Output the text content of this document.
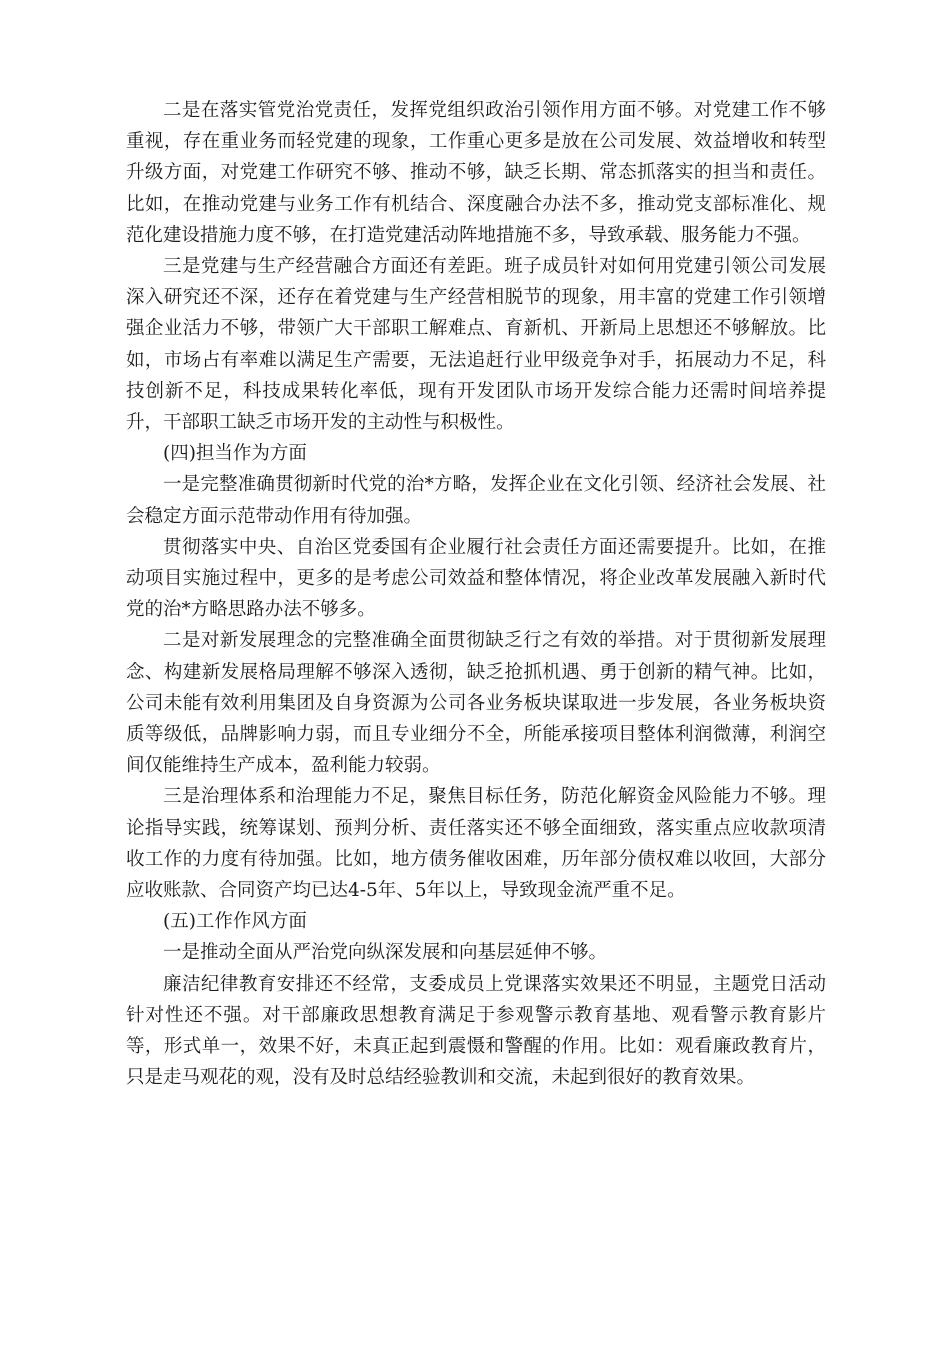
二是在落实管党治党责任，发挥党组织政治引领作用方面不够。对党建工作不够重视，存在重业务而轻党建的现象，工作重心更多是放在公司发展、效益增收和转型升级方面，对党建工作研究不够、推动不够，缺乏长期、常态抓落实的担当和责任。比如，在推动党建与业务工作有机结合、深度融合办法不多，推动党支部标准化、规范化建设措施力度不够，在打造党建活动阵地措施不多，导致承载、服务能力不强。

三是党建与生产经营融合方面还有差距。班子成员针对如何用党建引领公司发展深入研究还不深，还存在着党建与生产经营相脱节的现象，用丰富的党建工作引领增强企业活力不够，带领广大干部职工解难点、育新机、开新局上思想还不够解放。比如，市场占有率难以满足生产需要，无法追赶行业甲级竞争对手，拓展动力不足，科技创新不足，科技成果转化率低，现有开发团队市场开发综合能力还需时间培养提升，干部职工缺乏市场开发的主动性与积极性。

(四)担当作为方面

一是完整准确贯彻新时代党的治*方略，发挥企业在文化引领、经济社会发展、社会稳定方面示范带动作用有待加强。

贯彻落实中央、自治区党委国有企业履行社会责任方面还需要提升。比如，在推动项目实施过程中，更多的是考虑公司效益和整体情况，将企业改革发展融入新时代党的治*方略思路办法不够多。

二是对新发展理念的完整准确全面贯彻缺乏行之有效的举措。对于贯彻新发展理念、构建新发展格局理解不够深入透彻，缺乏抢抓机遇、勇于创新的精气神。比如，公司未能有效利用集团及自身资源为公司各业务板块谋取进一步发展，各业务板块资质等级低，品牌影响力弱，而且专业细分不全，所能承接项目整体利润微薄，利润空间仅能维持生产成本，盈利能力较弱。

三是治理体系和治理能力不足，聚焦目标任务，防范化解资金风险能力不够。理论指导实践，统筹谋划、预判分析、责任落实还不够全面细致，落实重点应收款项清收工作的力度有待加强。比如，地方债务催收困难，历年部分债权难以收回，大部分应收账款、合同资产均已达4-5年、5年以上，导致现金流严重不足。

(五)工作作风方面

一是推动全面从严治党向纵深发展和向基层延伸不够。

廉洁纪律教育安排还不经常，支委成员上党课落实效果还不明显，主题党日活动针对性还不强。对干部廉政思想教育满足于参观警示教育基地、观看警示教育影片等，形式单一，效果不好，未真正起到震慑和警醒的作用。比如：观看廉政教育片，只是走马观花的观，没有及时总结经验教训和交流，未起到很好的教育效果。
